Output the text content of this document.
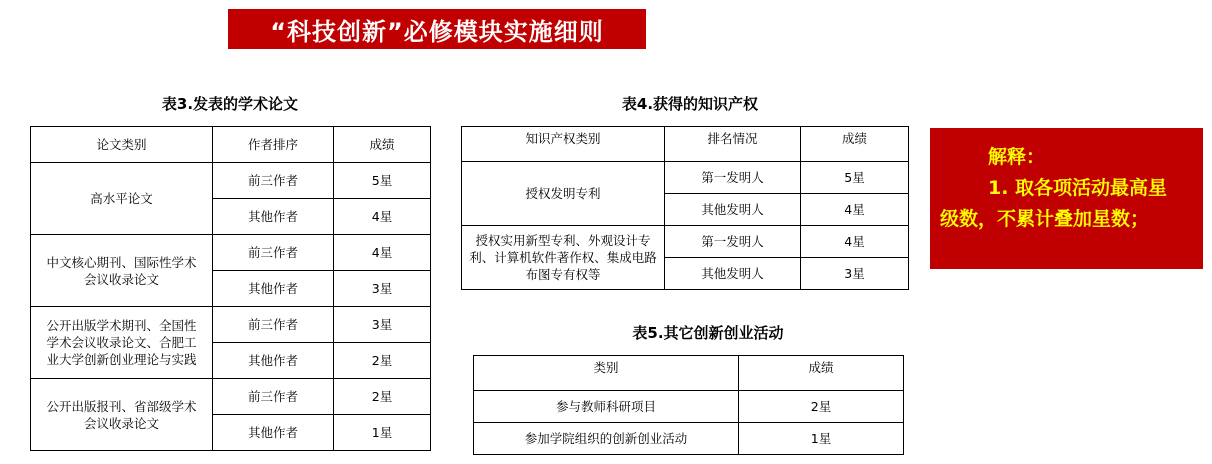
“科技创新”必修模块实施细则
表3.发表的学术论文
论文类别	作者排序	成绩
高水平论文	前三作者	5星
	其他作者	4星
中文核心期刊、国际性学术会议收录论文	前三作者	4星
	其他作者	3星
公开出版学术期刊、全国性学术会议收录论文、合肥工业大学创新创业理论与实践	前三作者	3星
	其他作者	2星
公开出版报刊、省部级学术会议收录论文	前三作者	2星
	其他作者	1星
表4.获得的知识产权
知识产权类别	排名情况	成绩
授权发明专利	第一发明人	5星
	其他发明人	4星
授权实用新型专利、外观设计专利、计算机软件著作权、集成电路布图专有权等	第一发明人	4星
	其他发明人	3星
表5.其它创新创业活动
类别	成绩
参与教师科研项目	2星
参加学院组织的创新创业活动	1星
解释：
1. 取各项活动最高星
级数，不累计叠加星数；
